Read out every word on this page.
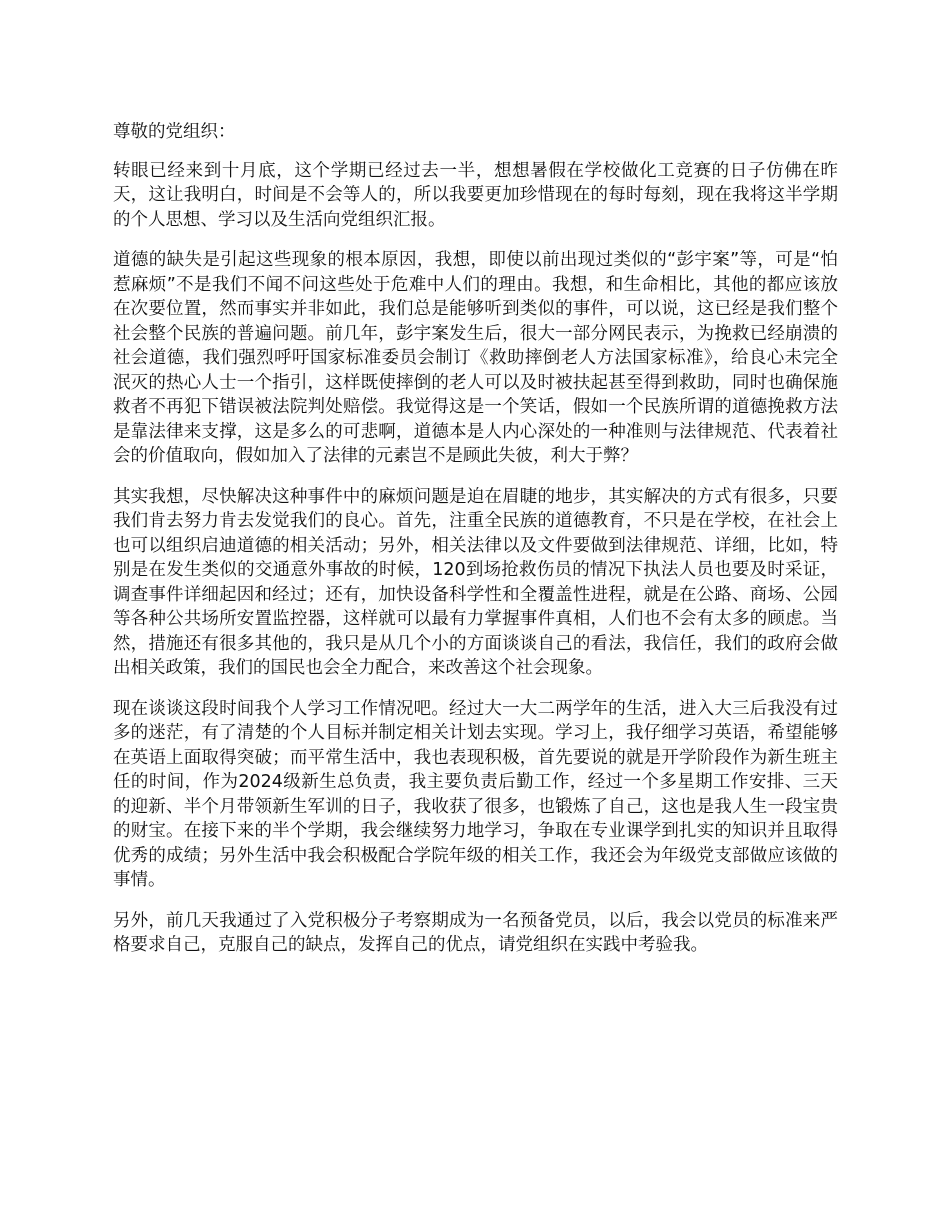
尊敬的党组织：

转眼已经来到十月底，这个学期已经过去一半，想想暑假在学校做化工竞赛的日子仿佛在昨天，这让我明白，时间是不会等人的，所以我要更加珍惜现在的每时每刻，现在我将这半学期的个人思想、学习以及生活向党组织汇报。

道德的缺失是引起这些现象的根本原因，我想，即使以前出现过类似的“彭宇案”等，可是“怕惹麻烦”不是我们不闻不问这些处于危难中人们的理由。我想，和生命相比，其他的都应该放在次要位置，然而事实并非如此，我们总是能够听到类似的事件，可以说，这已经是我们整个社会整个民族的普遍问题。前几年，彭宇案发生后，很大一部分网民表示，为挽救已经崩溃的社会道德，我们强烈呼吁国家标准委员会制订《救助摔倒老人方法国家标准》，给良心未完全泯灭的热心人士一个指引，这样既使摔倒的老人可以及时被扶起甚至得到救助，同时也确保施救者不再犯下错误被法院判处赔偿。我觉得这是一个笑话，假如一个民族所谓的道德挽救方法是靠法律来支撑，这是多么的可悲啊，道德本是人内心深处的一种准则与法律规范、代表着社会的价值取向，假如加入了法律的元素岂不是顾此失彼，利大于弊？

其实我想，尽快解决这种事件中的麻烦问题是迫在眉睫的地步，其实解决的方式有很多，只要我们肯去努力肯去发觉我们的良心。首先，注重全民族的道德教育，不只是在学校，在社会上也可以组织启迪道德的相关活动；另外，相关法律以及文件要做到法律规范、详细，比如，特别是在发生类似的交通意外事故的时候，120到场抢救伤员的情况下执法人员也要及时采证，调查事件详细起因和经过；还有，加快设备科学性和全覆盖性进程，就是在公路、商场、公园等各种公共场所安置监控器，这样就可以最有力掌握事件真相，人们也不会有太多的顾虑。当然，措施还有很多其他的，我只是从几个小的方面谈谈自己的看法，我信任，我们的政府会做出相关政策，我们的国民也会全力配合，来改善这个社会现象。

现在谈谈这段时间我个人学习工作情况吧。经过大一大二两学年的生活，进入大三后我没有过多的迷茫，有了清楚的个人目标并制定相关计划去实现。学习上，我仔细学习英语，希望能够在英语上面取得突破；而平常生活中，我也表现积极，首先要说的就是开学阶段作为新生班主任的时间，作为2024级新生总负责，我主要负责后勤工作，经过一个多星期工作安排、三天的迎新、半个月带领新生军训的日子，我收获了很多，也锻炼了自己，这也是我人生一段宝贵的财宝。在接下来的半个学期，我会继续努力地学习，争取在专业课学到扎实的知识并且取得优秀的成绩；另外生活中我会积极配合学院年级的相关工作，我还会为年级党支部做应该做的事情。

另外，前几天我通过了入党积极分子考察期成为一名预备党员，以后，我会以党员的标准来严格要求自己，克服自己的缺点，发挥自己的优点，请党组织在实践中考验我。
